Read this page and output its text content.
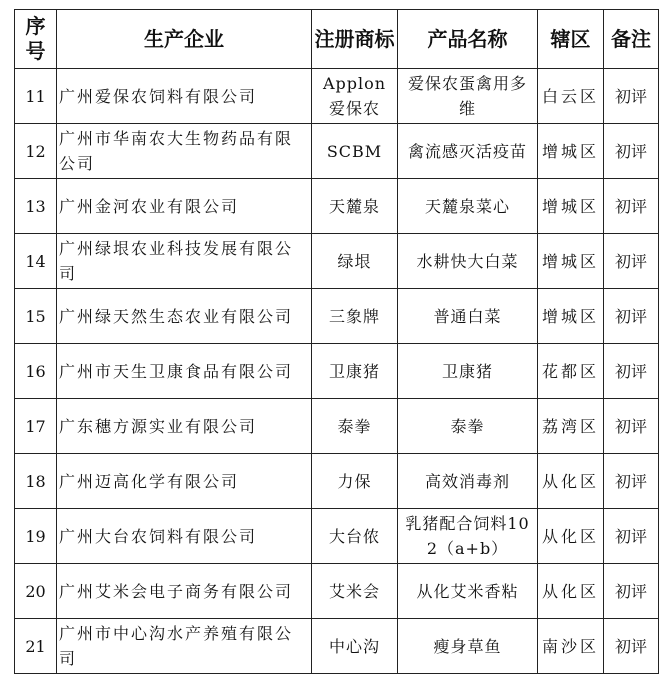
序号	生产企业	注册商标	产品名称	辖区	备注

11	广州爱保农饲料有限公司	Applon 爱保农	爱保农蛋禽用多维	白云区	初评

12	广州市华南农大生物药品有限公司	SCBM	禽流感灭活疫苗	增城区	初评

13	广州金河农业有限公司	天麓泉	天麓泉菜心	增城区	初评

14	广州绿垠农业科技发展有限公司	绿垠	水耕快大白菜	增城区	初评

15	广州绿天然生态农业有限公司	三象牌	普通白菜	增城区	初评

16	广州市天生卫康食品有限公司	卫康猪	卫康猪	花都区	初评

17	广东穗方源实业有限公司	泰拳	泰拳	荔湾区	初评

18	广州迈高化学有限公司	力保	高效消毒剂	从化区	初评

19	广州大台农饲料有限公司	大台侬	乳猪配合饲料102（a+b）	从化区	初评

20	广州艾米会电子商务有限公司	艾米会	从化艾米香粘	从化区	初评

21	广州市中心沟水产养殖有限公司	中心沟	瘦身草鱼	南沙区	初评
